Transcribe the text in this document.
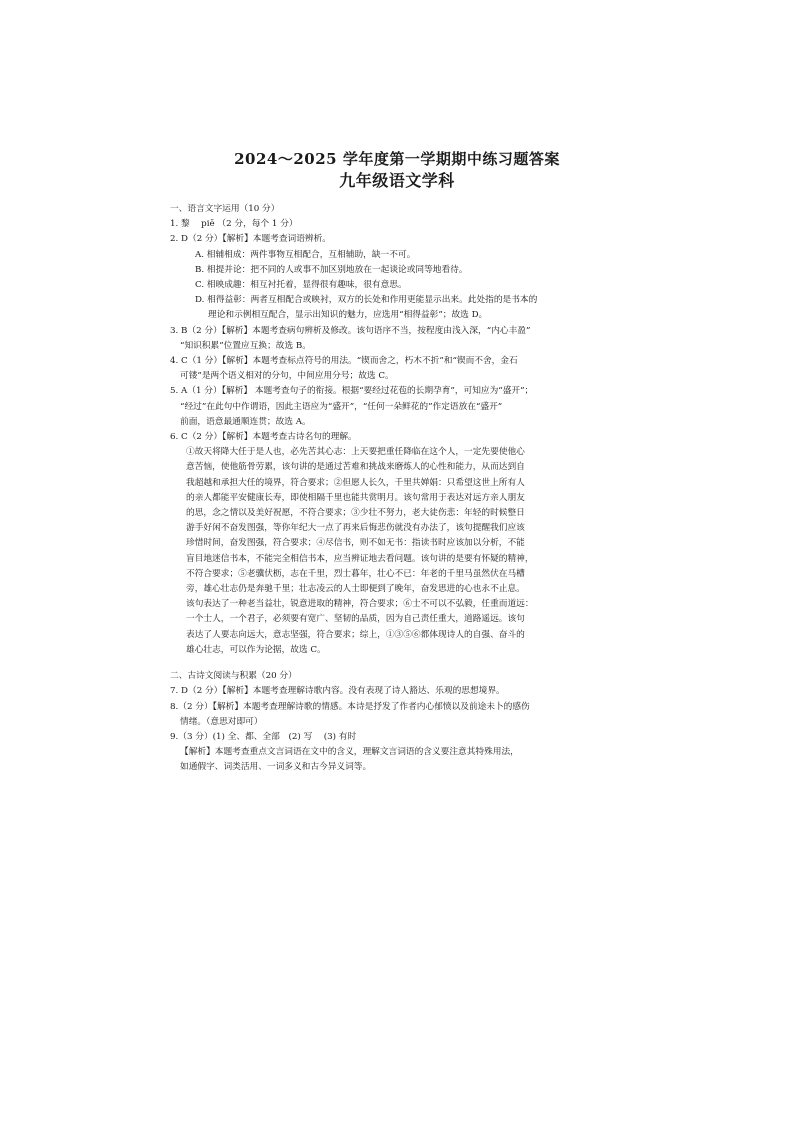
2024～2025 学年度第一学期期中练习题答案
九年级语文学科

一、语言文字运用（10 分）

1. 黎　 piē （2 分，每个 1 分）

2. D（2 分）【解析】本题考查词语辨析。

A. 相辅相成：两件事物互相配合，互相辅助，缺一不可。

B. 相提并论：把不同的人或事不加区别地放在一起谈论或同等地看待。

C. 相映成趣：相互衬托着，显得很有趣味，很有意思。

D. 相得益彰：两者互相配合或映衬，双方的长处和作用更能显示出来。此处指的是书本的

理论和示例相互配合，显示出知识的魅力，应选用“相得益彰”；故选 D。

3. B（2 分）【解析】本题考查病句辨析及修改。该句语序不当，按程度由浅入深，“内心丰盈”

“知识积累”位置应互换；故选 B。

4. C（1 分）【解析】本题考查标点符号的用法。“锲而舍之，朽木不折”和“锲而不舍，金石

可镂”是两个语义相对的分句，中间应用分号；故选 C。

5. A（1 分）【解析】 本题考查句子的衔接。根据“要经过花苞的长期孕育”，可知应为“盛开”；

“经过”在此句中作谓语，因此主语应为“盛开”，“任何一朵鲜花的”作定语放在“盛开”

前面，语意最通顺连贯；故选 A。

6. C（2 分）【解析】本题考查古诗名句的理解。

①故天将降大任于是人也，必先苦其心志：上天要把重任降临在这个人，一定先要使他心

意苦恼，使他筋骨劳累，该句讲的是通过苦难和挑战来磨炼人的心性和能力，从而达到自

我超越和承担大任的境界，符合要求；②但愿人长久，千里共婵娟：只希望这世上所有人

的亲人都能平安健康长寿，即使相隔千里也能共赏明月。该句常用于表达对远方亲人朋友

的思，念之情以及美好祝愿，不符合要求；③少壮不努力，老大徒伤悲：年轻的时候整日

游手好闲不奋发图强，等你年纪大一点了再来后悔悲伤就没有办法了，该句提醒我们应该

珍惜时间，奋发图强，符合要求；④尽信书，则不如无书：指读书时应该加以分析，不能

盲目地迷信书本，不能完全相信书本，应当辨证地去看问题。该句讲的是要有怀疑的精神，

不符合要求；⑤老骥伏枥，志在千里，烈士暮年，壮心不已：年老的千里马虽然伏在马槽

旁，雄心壮志仍是奔驰千里；壮志凌云的人士即便到了晚年，奋发思进的心也永不止息。

该句表达了一种老当益壮，锐意进取的精神，符合要求；⑥士不可以不弘毅，任重而道远：

一个士人，一个君子，必须要有宽广、坚韧的品质，因为自己责任重大，道路遥远。该句

表达了人要志向远大，意志坚强，符合要求；综上，①③⑤⑥都体现诗人的自强、奋斗的

雄心壮志，可以作为论据，故选 C。

二、古诗文阅读与积累（20 分）

7. D（2 分）【解析】本题考查理解诗歌内容。没有表现了诗人豁达、乐观的思想境界。

8.（2 分）【解析】本题考查理解诗歌的情感。本诗是抒发了作者内心郁愤以及前途未卜的感伤

情绪。（意思对即可）

9.（3 分）(1) 全、都、全部　(2) 写　 (3) 有时

【解析】本题考查重点文言词语在文中的含义，理解文言词语的含义要注意其特殊用法，

如通假字、词类活用、一词多义和古今异义词等。
